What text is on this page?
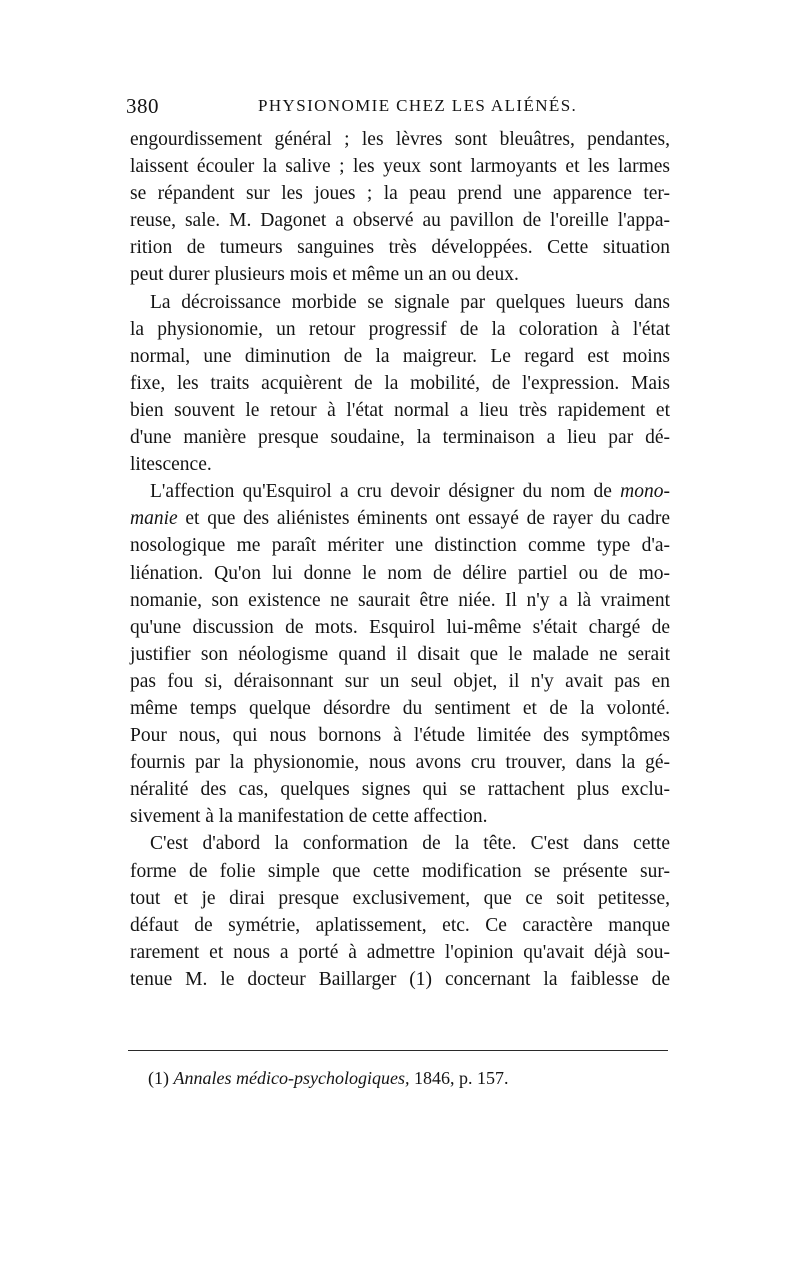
380	PHYSIONOMIE CHEZ LES ALIÉNÉS.
engourdissement général ; les lèvres sont bleuâtres, pendantes,
laissent écouler la salive ; les yeux sont larmoyants et les larmes
se répandent sur les joues ; la peau prend une apparence ter-
reuse, sale. M. Dagonet a observé au pavillon de l'oreille l'appa-
rition de tumeurs sanguines très développées. Cette situation
peut durer plusieurs mois et même un an ou deux.
La décroissance morbide se signale par quelques lueurs dans
la physionomie, un retour progressif de la coloration à l'état
normal, une diminution de la maigreur. Le regard est moins
fixe, les traits acquièrent de la mobilité, de l'expression. Mais
bien souvent le retour à l'état normal a lieu très rapidement et
d'une manière presque soudaine, la terminaison a lieu par dé-
litescence.
L'affection qu'Esquirol a cru devoir désigner du nom de mono-
manie et que des aliénistes éminents ont essayé de rayer du cadre
nosologique me paraît mériter une distinction comme type d'a-
liénation. Qu'on lui donne le nom de délire partiel ou de mo-
nomanie, son existence ne saurait être niée. Il n'y a là vraiment
qu'une discussion de mots. Esquirol lui-même s'était chargé de
justifier son néologisme quand il disait que le malade ne serait
pas fou si, déraisonnant sur un seul objet, il n'y avait pas en
même temps quelque désordre du sentiment et de la volonté.
Pour nous, qui nous bornons à l'étude limitée des symptômes
fournis par la physionomie, nous avons cru trouver, dans la gé-
néralité des cas, quelques signes qui se rattachent plus exclu-
sivement à la manifestation de cette affection.
C'est d'abord la conformation de la tête. C'est dans cette
forme de folie simple que cette modification se présente sur-
tout et je dirai presque exclusivement, que ce soit petitesse,
défaut de symétrie, aplatissement, etc. Ce caractère manque
rarement et nous a porté à admettre l'opinion qu'avait déjà sou-
tenue M. le docteur Baillarger (1) concernant la faiblesse de
(1) Annales médico-psychologiques, 1846, p. 157.
